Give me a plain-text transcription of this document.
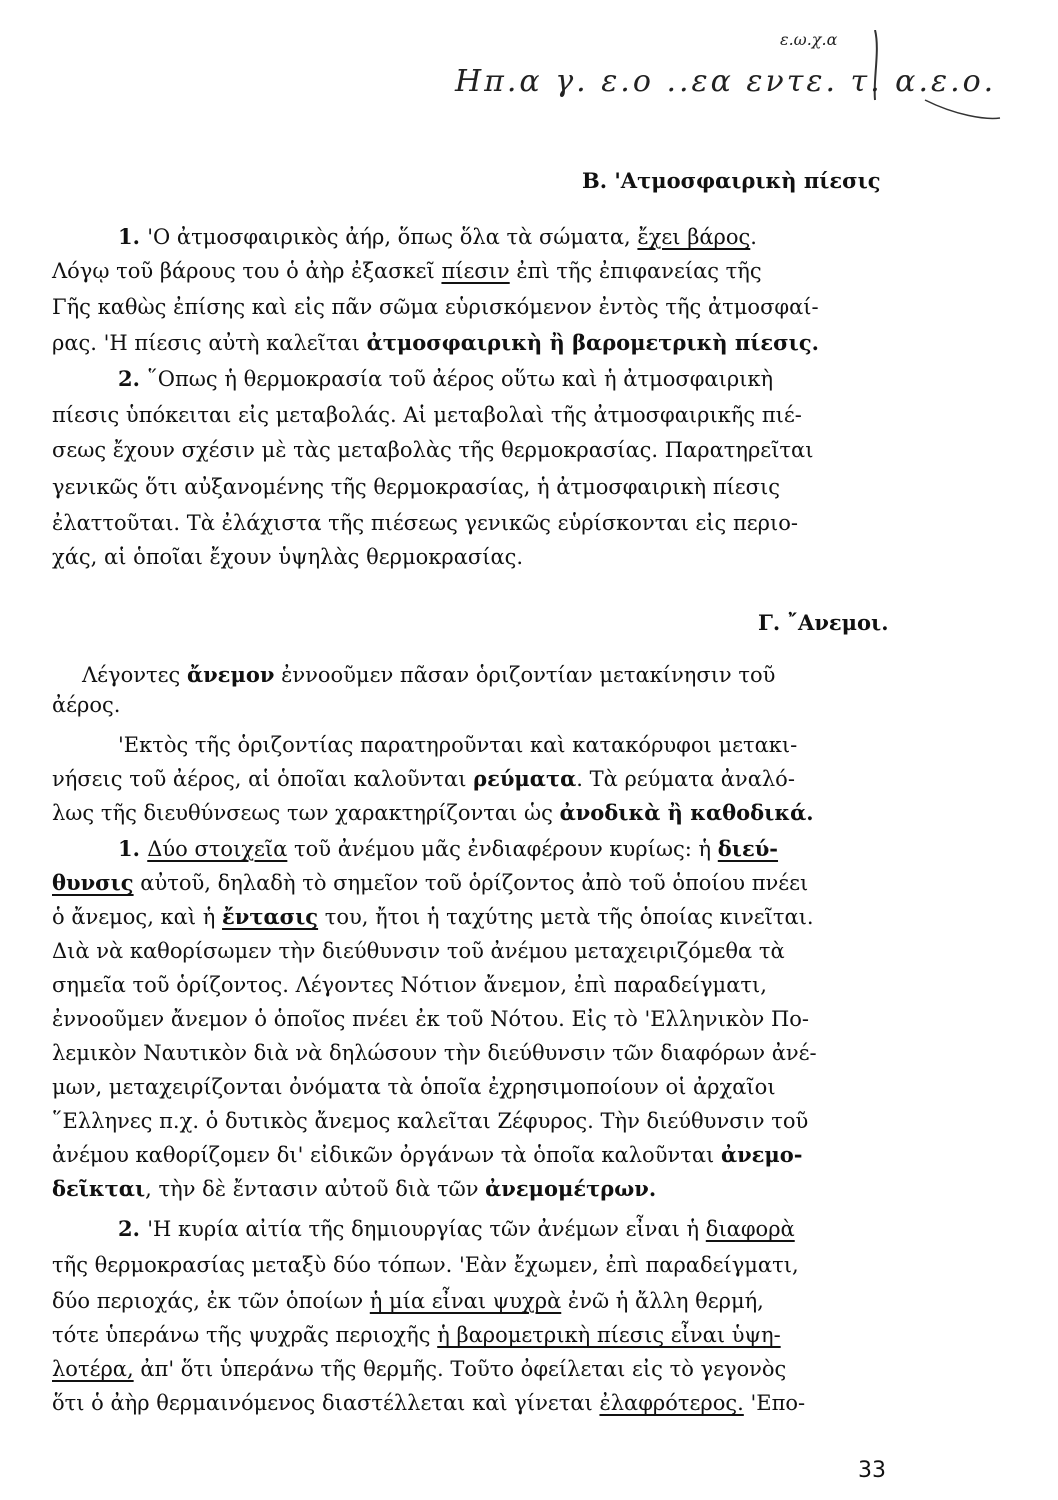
ε.ω.χ.α
Ηπ.α γ. ε.ο ..εα εντε. τ. α.ε.ο.
Β. 'Ατμοσφαιρικὴ πίεσις
1. 'Ο ἀτμοσφαιρικὸς ἀήρ, ὅπως ὅλα τὰ σώματα, ἔχει βάρος.
Λόγῳ τοῦ βάρους του ὁ ἀὴρ ἐξασκεῖ πίεσιν ἐπὶ τῆς ἐπιφανείας τῆς
Γῆς καθὼς ἐπίσης καὶ εἰς πᾶν σῶμα εὑρισκόμενον ἐντὸς τῆς ἀτμοσφαί-
ρας. 'Η πίεσις αὐτὴ καλεῖται ἀτμοσφαιρικὴ ἢ βαρομετρικὴ πίεσις.
2. ῞Οπως ἡ θερμοκρασία τοῦ ἀέρος οὕτω καὶ ἡ ἀτμοσφαιρικὴ
πίεσις ὑπόκειται εἰς μεταβολάς. Αἱ μεταβολαὶ τῆς ἀτμοσφαιρικῆς πιέ-
σεως ἔχουν σχέσιν μὲ τὰς μεταβολὰς τῆς θερμοκρασίας. Παρατηρεῖται
γενικῶς ὅτι αὐξανομένης τῆς θερμοκρασίας, ἡ ἀτμοσφαιρικὴ πίεσις
ἐλαττοῦται. Τὰ ἐλάχιστα τῆς πιέσεως γενικῶς εὑρίσκονται εἰς περιο-
χάς, αἱ ὁποῖαι ἔχουν ὑψηλὰς θερμοκρασίας.
Γ. ῎Ανεμοι.
Λέγοντες ἄνεμον ἐννοοῦμεν πᾶσαν ὁριζοντίαν μετακίνησιν τοῦ
ἀέρος.
'Εκτὸς τῆς ὁριζοντίας παρατηροῦνται καὶ κατακόρυφοι μετακι-
νήσεις τοῦ ἀέρος, αἱ ὁποῖαι καλοῦνται ρεύματα. Τὰ ρεύματα ἀναλό-
λως τῆς διευθύνσεως των χαρακτηρίζονται ὡς ἀνοδικὰ ἢ καθοδικά.
1. Δύο στοιχεῖα τοῦ ἀνέμου μᾶς ἐνδιαφέρουν κυρίως: ἡ διεύ-
θυνσις αὐτοῦ, δηλαδὴ τὸ σημεῖον τοῦ ὁρίζοντος ἀπὸ τοῦ ὁποίου πνέει
ὁ ἄνεμος, καὶ ἡ ἔντασις του, ἤτοι ἡ ταχύτης μετὰ τῆς ὁποίας κινεῖται.
Διὰ νὰ καθορίσωμεν τὴν διεύθυνσιν τοῦ ἀνέμου μεταχειριζόμεθα τὰ
σημεῖα τοῦ ὁρίζοντος. Λέγοντες Νότιον ἄνεμον, ἐπὶ παραδείγματι,
ἐννοοῦμεν ἄνεμον ὁ ὁποῖος πνέει ἐκ τοῦ Νότου. Εἰς τὸ 'Ελληνικὸν Πο-
λεμικὸν Ναυτικὸν διὰ νὰ δηλώσουν τὴν διεύθυνσιν τῶν διαφόρων ἀνέ-
μων, μεταχειρίζονται ὀνόματα τὰ ὁποῖα ἐχρησιμοποίουν οἱ ἀρχαῖοι
῞Ελληνες π.χ. ὁ δυτικὸς ἄνεμος καλεῖται Ζέφυρος. Τὴν διεύθυνσιν τοῦ
ἀνέμου καθορίζομεν δι' εἰδικῶν ὀργάνων τὰ ὁποῖα καλοῦνται ἀνεμο-
δεῖκται, τὴν δὲ ἔντασιν αὐτοῦ διὰ τῶν ἀνεμομέτρων.
2. 'Η κυρία αἰτία τῆς δημιουργίας τῶν ἀνέμων εἶναι ἡ διαφορὰ
τῆς θερμοκρασίας μεταξὺ δύο τόπων. 'Εὰν ἔχωμεν, ἐπὶ παραδείγματι,
δύο περιοχάς, ἐκ τῶν ὁποίων ἡ μία εἶναι ψυχρὰ ἐνῶ ἡ ἄλλη θερμή,
τότε ὑπεράνω τῆς ψυχρᾶς περιοχῆς ἡ βαρομετρικὴ πίεσις εἶναι ὑψη-
λοτέρα, ἀπ' ὅτι ὑπεράνω τῆς θερμῆς. Τοῦτο ὀφείλεται εἰς τὸ γεγονὸς
ὅτι ὁ ἀὴρ θερμαινόμενος διαστέλλεται καὶ γίνεται ἐλαφρότερος. 'Επο-
33
